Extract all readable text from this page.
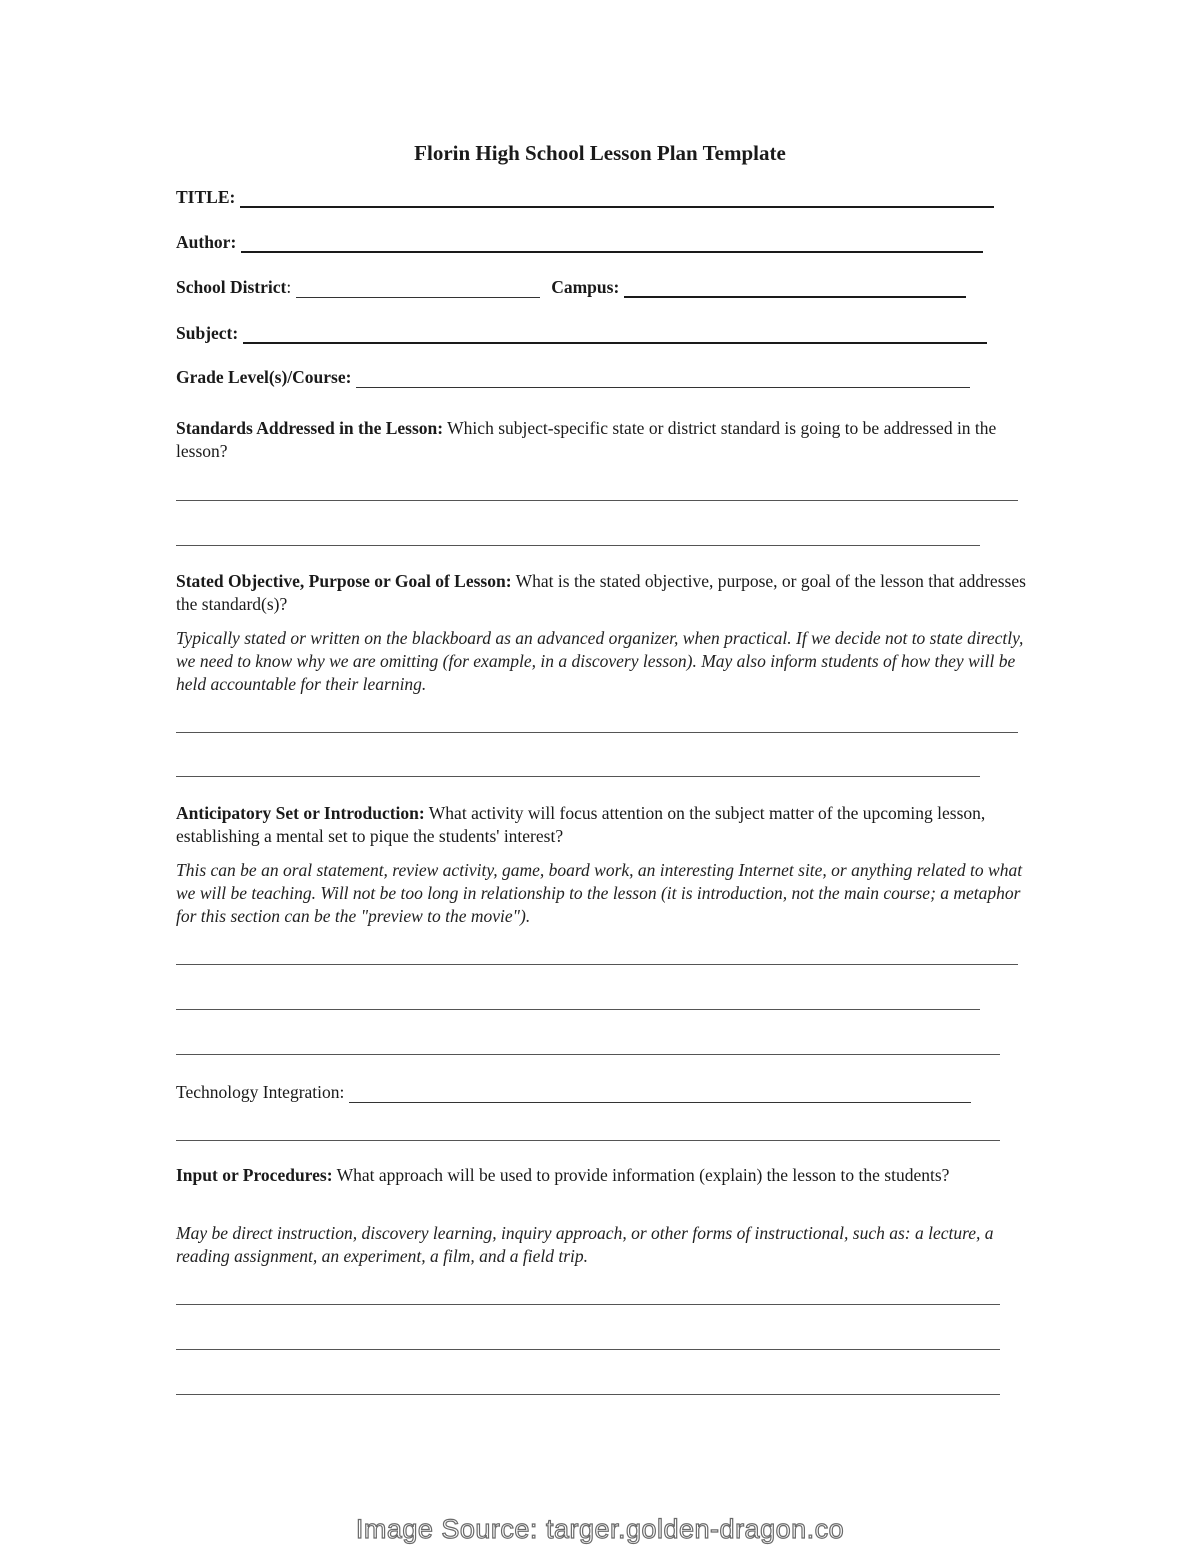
Florin High School Lesson Plan Template
TITLE:
Author:
School District :	Campus:
Subject:
Grade Level(s)/Course:
Standards Addressed in the Lesson: Which subject-specific state or district standard is going to be addressed in the lesson?
Stated Objective, Purpose or Goal of Lesson: What is the stated objective, purpose, or goal of the lesson that addresses the standard(s)?
Typically stated or written on the blackboard as an advanced organizer, when practical. If we decide not to state directly, we need to know why we are omitting (for example, in a discovery lesson). May also inform students of how they will be held accountable for their learning.
Anticipatory Set or Introduction: What activity will focus attention on the subject matter of the upcoming lesson, establishing a mental set to pique the students' interest?
This can be an oral statement, review activity, game, board work, an interesting Internet site, or anything related to what we will be teaching. Will not be too long in relationship to the lesson (it is introduction, not the main course; a metaphor for this section can be the "preview to the movie").
Technology Integration:
Input or Procedures: What approach will be used to provide information (explain) the lesson to the students?
May be direct instruction, discovery learning, inquiry approach, or other forms of instructional, such as: a lecture, a reading assignment, an experiment, a film, and a field trip.
Image Source: targer.golden-dragon.co
